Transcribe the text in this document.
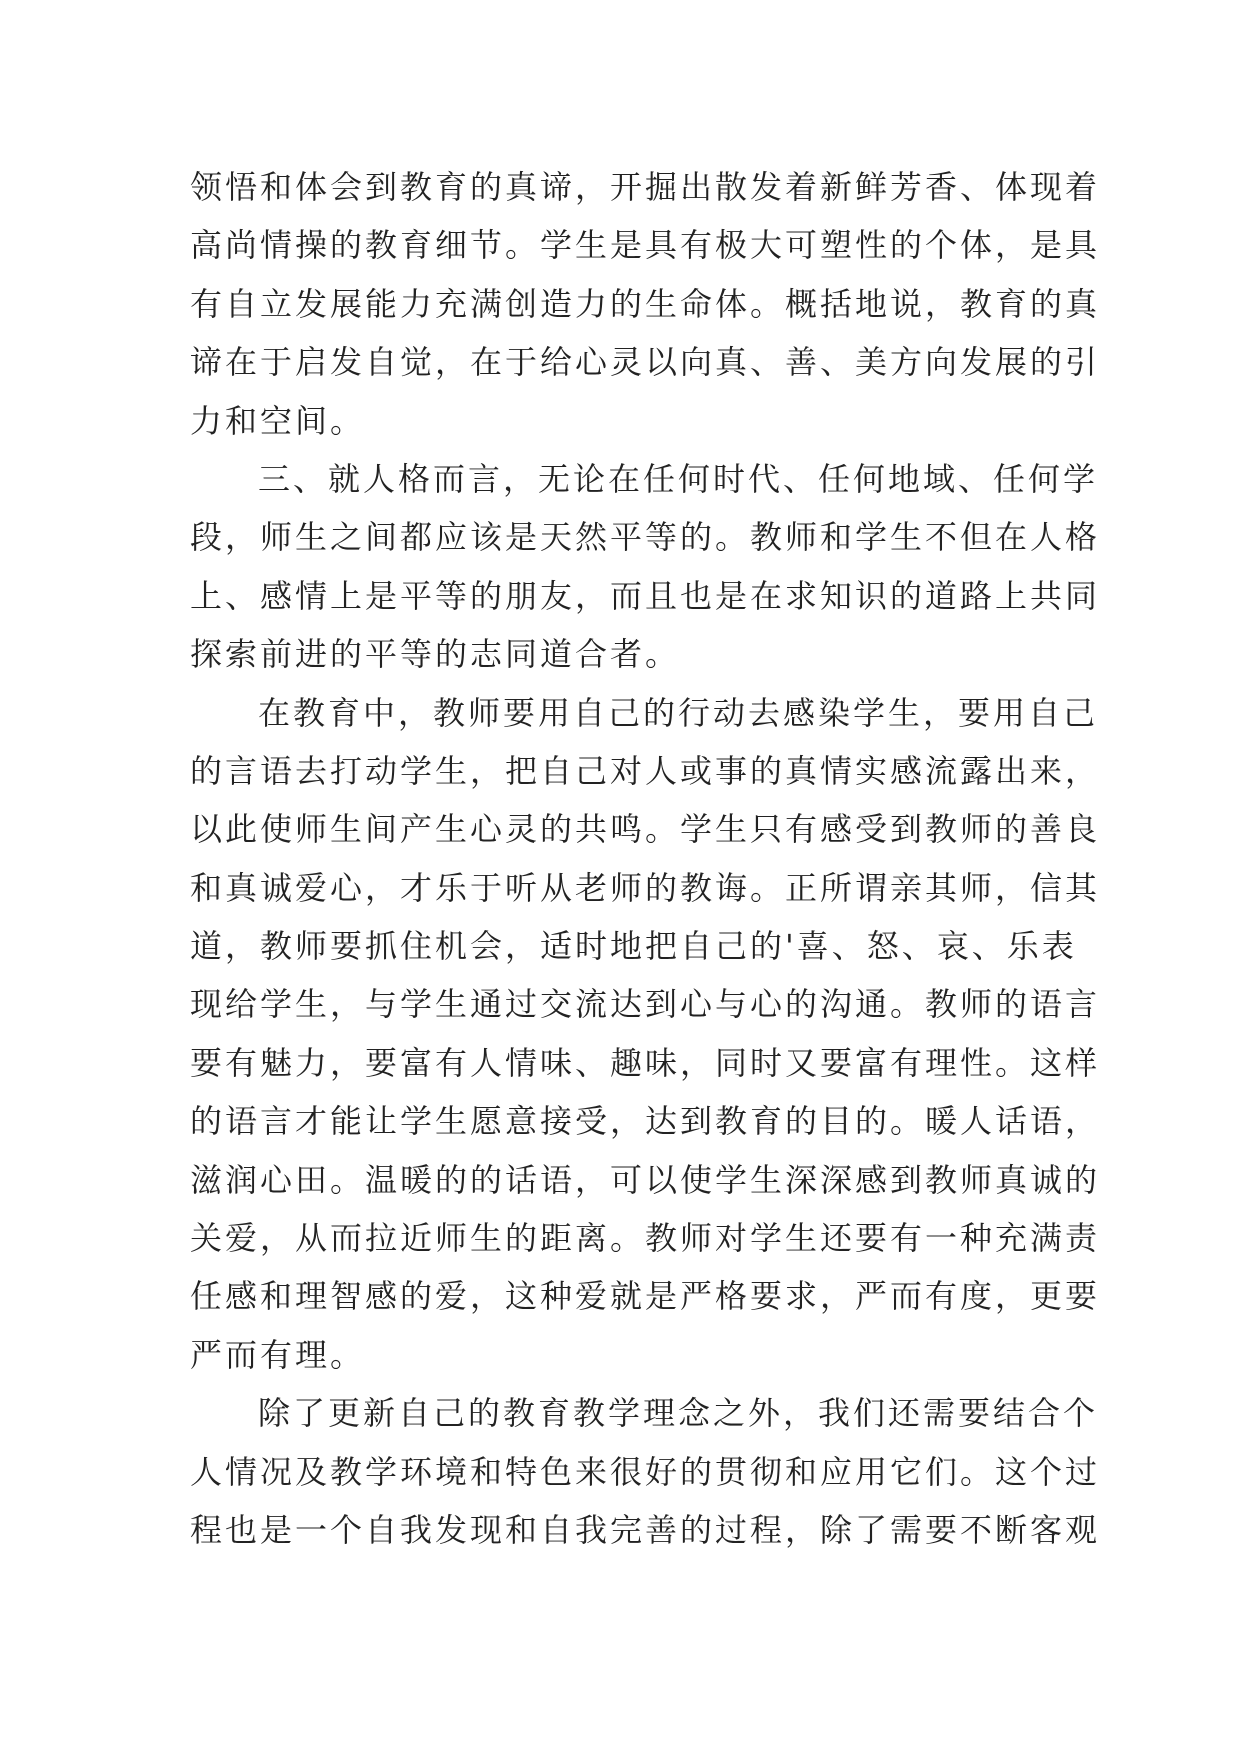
领悟和体会到教育的真谛，开掘出散发着新鲜芳香、体现着
高尚情操的教育细节。学生是具有极大可塑性的个体，是具
有自立发展能力充满创造力的生命体。概括地说，教育的真
谛在于启发自觉，在于给心灵以向真、善、美方向发展的引
力和空间。
三、就人格而言，无论在任何时代、任何地域、任何学
段，师生之间都应该是天然平等的。教师和学生不但在人格
上、感情上是平等的朋友，而且也是在求知识的道路上共同
探索前进的平等的志同道合者。
在教育中，教师要用自己的行动去感染学生，要用自己
的言语去打动学生，把自己对人或事的真情实感流露出来，
以此使师生间产生心灵的共鸣。学生只有感受到教师的善良
和真诚爱心，才乐于听从老师的教诲。正所谓亲其师，信其
道，教师要抓住机会，适时地把自己的'喜、怒、哀、乐表
现给学生，与学生通过交流达到心与心的沟通。教师的语言
要有魅力，要富有人情味、趣味，同时又要富有理性。这样
的语言才能让学生愿意接受，达到教育的目的。暖人话语，
滋润心田。温暖的的话语，可以使学生深深感到教师真诚的
关爱，从而拉近师生的距离。教师对学生还要有一种充满责
任感和理智感的爱，这种爱就是严格要求，严而有度，更要
严而有理。
除了更新自己的教育教学理念之外，我们还需要结合个
人情况及教学环境和特色来很好的贯彻和应用它们。这个过
程也是一个自我发现和自我完善的过程，除了需要不断客观
